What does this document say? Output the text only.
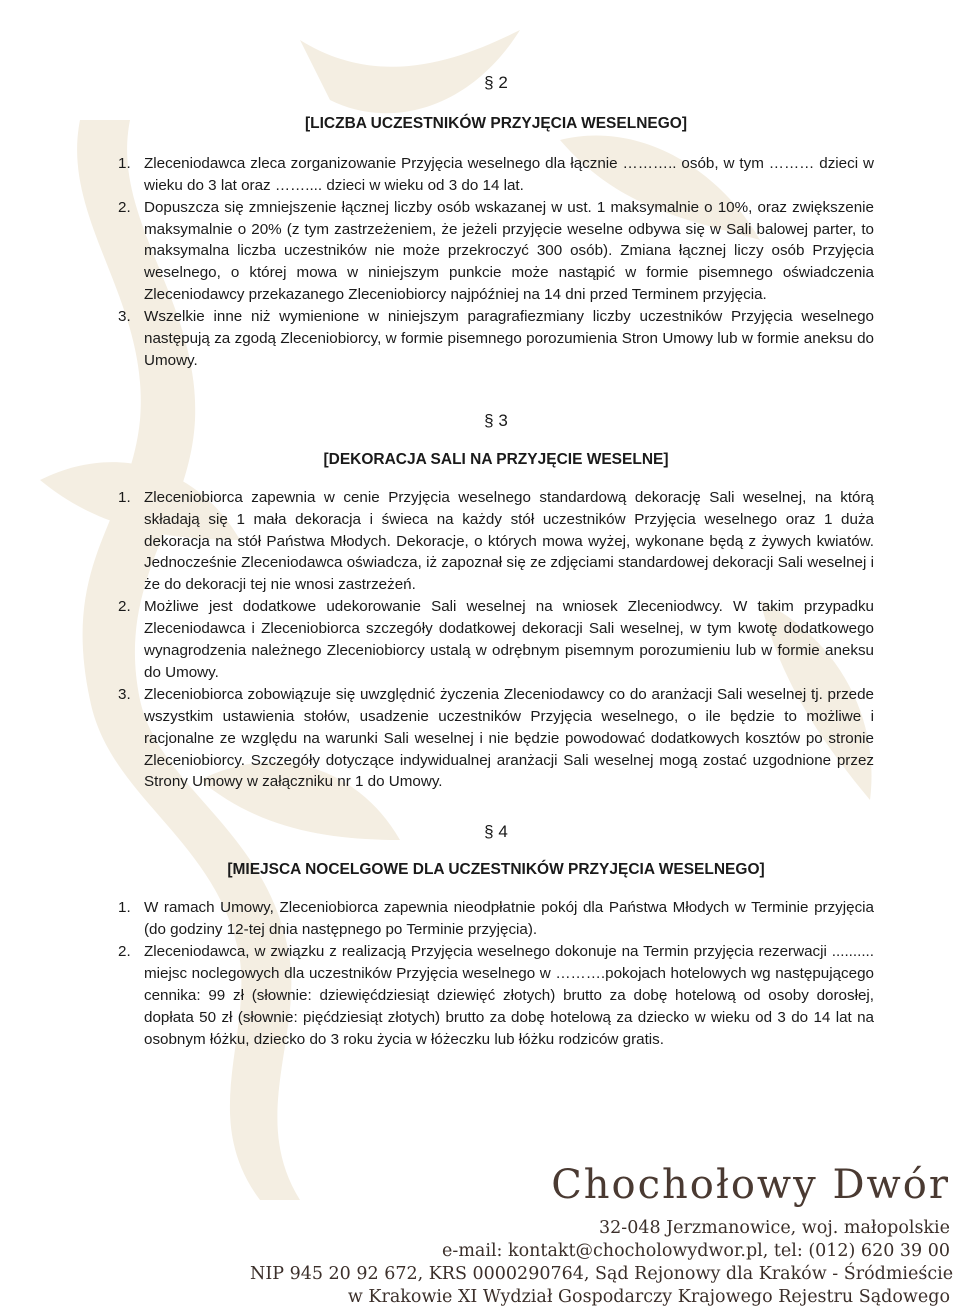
§ 2
[LICZBA UCZESTNIKÓW PRZYJĘCIA WESELNEGO]
1. Zleceniodawca zleca zorganizowanie Przyjęcia weselnego dla łącznie ……….. osób, w tym ……… dzieci w wieku do 3 lat oraz …….... dzieci w wieku od 3 do 14 lat.
2. Dopuszcza się zmniejszenie łącznej liczby osób wskazanej w ust. 1 maksymalnie o 10%, oraz zwiększenie maksymalnie o 20% (z tym zastrzeżeniem, że jeżeli przyjęcie weselne odbywa się w Sali balowej parter, to maksymalna liczba uczestników nie może przekroczyć 300 osób). Zmiana łącznej liczy osób Przyjęcia weselnego, o której mowa w niniejszym punkcie może nastąpić w formie pisemnego oświadczenia Zleceniodawcy przekazanego Zleceniobiorcy najpóźniej na 14 dni przed Terminem przyjęcia.
3. Wszelkie inne niż wymienione w niniejszym paragrafiezmiany liczby uczestników Przyjęcia weselnego następują za zgodą Zleceniobiorcy, w formie pisemnego porozumienia Stron Umowy lub w formie aneksu do Umowy.
§ 3
[DEKORACJA SALI NA PRZYJĘCIE WESELNE]
1. Zleceniobiorca zapewnia w cenie Przyjęcia weselnego standardową dekorację Sali weselnej, na którą składają się 1 mała dekoracja i świeca na każdy stół uczestników Przyjęcia weselnego oraz 1 duża dekoracja na stół Państwa Młodych. Dekoracje, o których mowa wyżej, wykonane będą z żywych kwiatów. Jednocześnie Zleceniodawca oświadcza, iż zapoznał się ze zdjęciami standardowej dekoracji Sali weselnej i że do dekoracji tej nie wnosi zastrzeżeń.
2. Możliwe jest dodatkowe udekorowanie Sali weselnej na wniosek Zleceniodwcy. W takim przypadku Zleceniodawca i Zleceniobiorca szczegóły dodatkowej dekoracji Sali weselnej, w tym kwotę dodatkowego wynagrodzenia należnego Zleceniobiorcy ustalą w odrębnym pisemnym porozumieniu lub w formie aneksu do Umowy.
3. Zleceniobiorca zobowiązuje się uwzględnić życzenia Zleceniodawcy co do aranżacji Sali weselnej tj. przede wszystkim ustawienia stołów, usadzenie uczestników Przyjęcia weselnego, o ile będzie to możliwe i racjonalne ze względu na warunki Sali weselnej i nie będzie powodować dodatkowych kosztów po stronie Zleceniobiorcy. Szczegóły dotyczące indywidualnej aranżacji Sali weselnej mogą zostać uzgodnione przez Strony Umowy w załączniku nr 1 do Umowy.
§ 4
[MIEJSCA NOCELGOWE DLA UCZESTNIKÓW PRZYJĘCIA WESELNEGO]
1. W ramach Umowy, Zleceniobiorca zapewnia nieodpłatnie pokój dla Państwa Młodych w Terminie przyjęcia (do godziny 12-tej dnia następnego po Terminie przyjęcia).
2. Zleceniodawca, w związku z realizacją Przyjęcia weselnego dokonuje na Termin przyjęcia rezerwacji .......... miejsc noclegowych dla uczestników Przyjęcia weselnego w ……….pokojach hotelowych wg następującego cennika: 99 zł (słownie: dziewięćdziesiąt dziewięć złotych) brutto za dobę hotelową od osoby dorosłej, dopłata 50 zł (słownie: pięćdziesiąt złotych) brutto za dobę hotelową za dziecko w wieku od 3 do 14 lat na osobnym łóżku, dziecko do 3 roku życia w łóżeczku lub łóżku rodziców gratis.
Chochołowy Dwór
32-048 Jerzmanowice, woj. małopolskie
e-mail: kontakt@chocholowydwor.pl, tel: (012) 620 39 00
NIP 945 20 92 672, KRS 0000290764, Sąd Rejonowy dla Kraków - Śródmieście
w Krakowie XI Wydział Gospodarczy Krajowego Rejestru Sądowego
